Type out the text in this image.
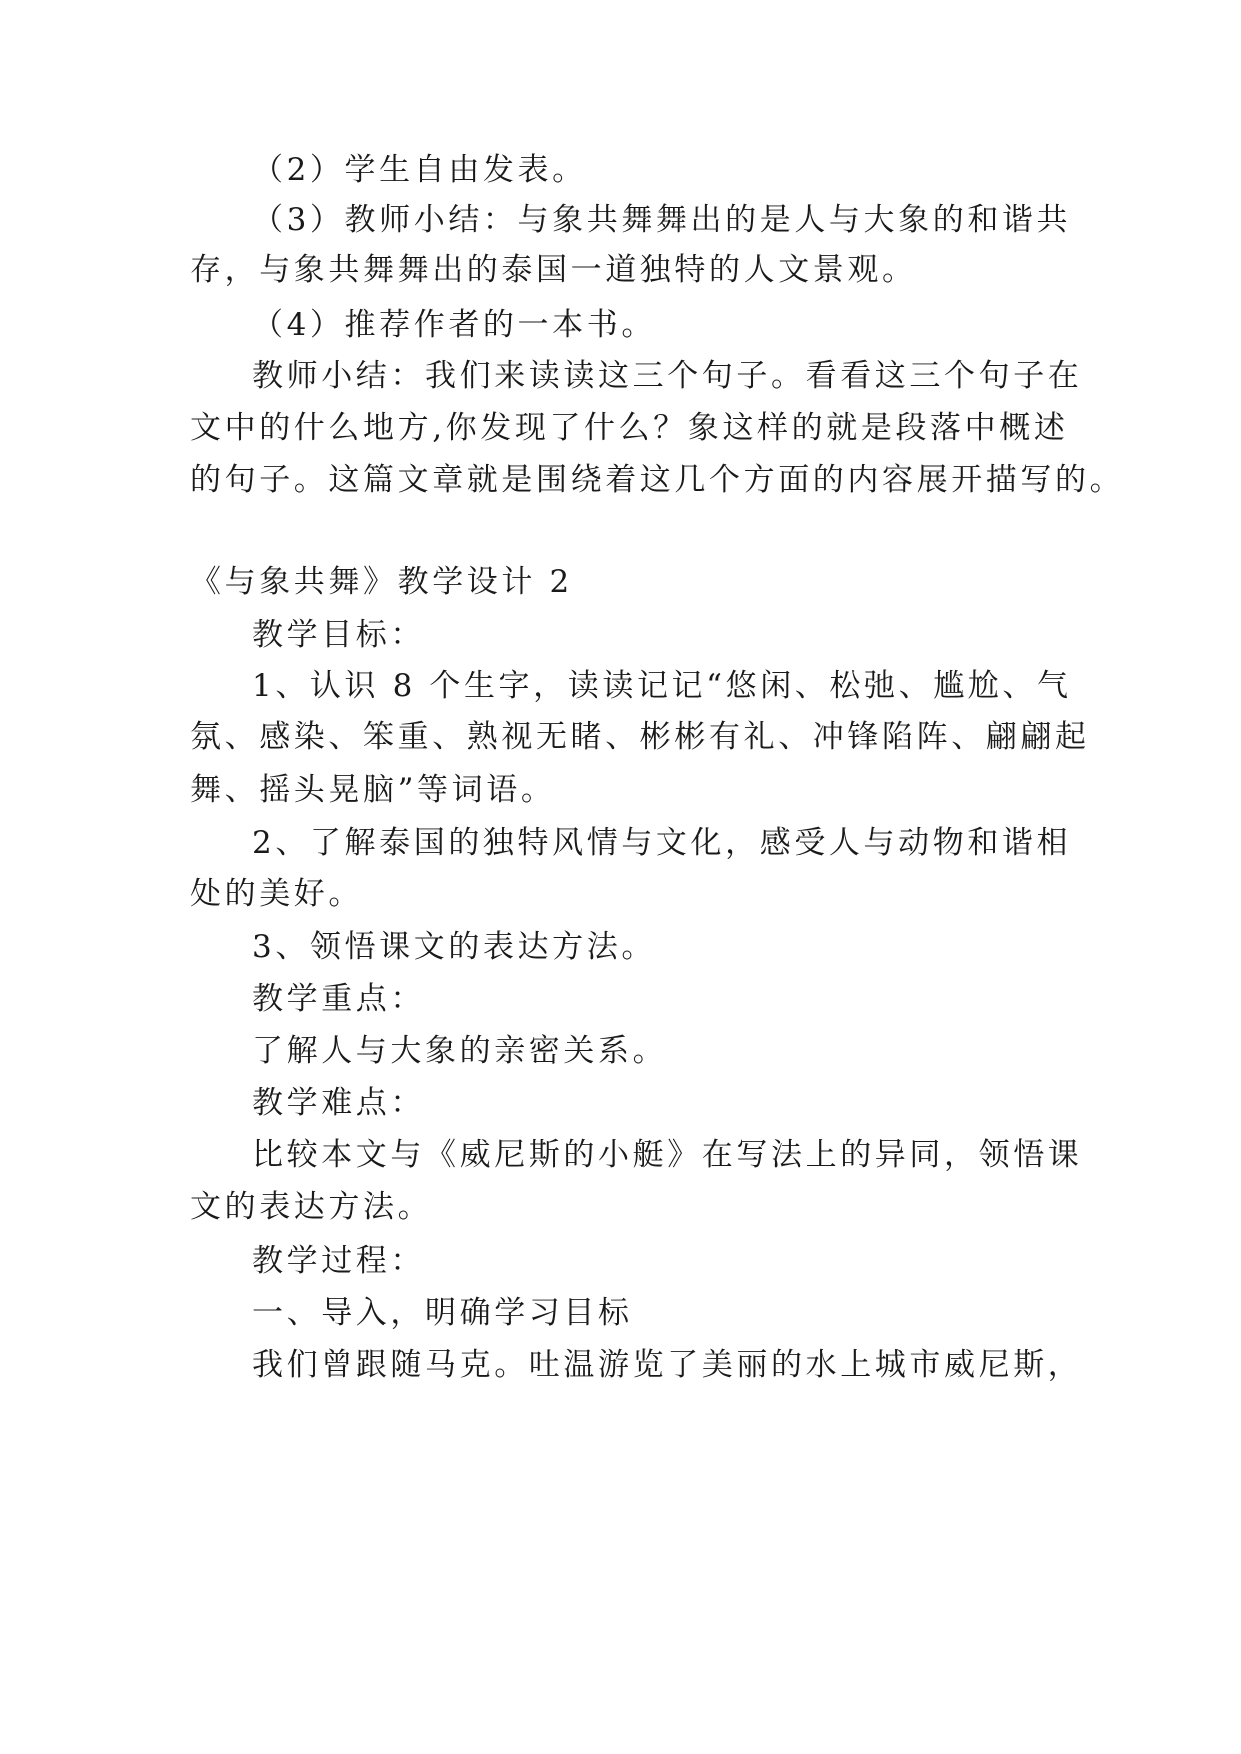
（2）学生自由发表。
（3）教师小结：与象共舞舞出的是人与大象的和谐共
存，与象共舞舞出的泰国一道独特的人文景观。
（4）推荐作者的一本书。
教师小结：我们来读读这三个句子。看看这三个句子在
文中的什么地方,你发现了什么？象这样的就是段落中概述
的句子。这篇文章就是围绕着这几个方面的内容展开描写的。
《与象共舞》教学设计 2
教学目标：
1、认识 8 个生字，读读记记“悠闲、松弛、尴尬、气
氛、感染、笨重、熟视无睹、彬彬有礼、冲锋陷阵、翩翩起
舞、摇头晃脑”等词语。
2、了解泰国的独特风情与文化，感受人与动物和谐相
处的美好。
3、领悟课文的表达方法。
教学重点：
了解人与大象的亲密关系。
教学难点：
比较本文与《威尼斯的小艇》在写法上的异同，领悟课
文的表达方法。
教学过程：
一、导入，明确学习目标
我们曾跟随马克。吐温游览了美丽的水上城市威尼斯，
